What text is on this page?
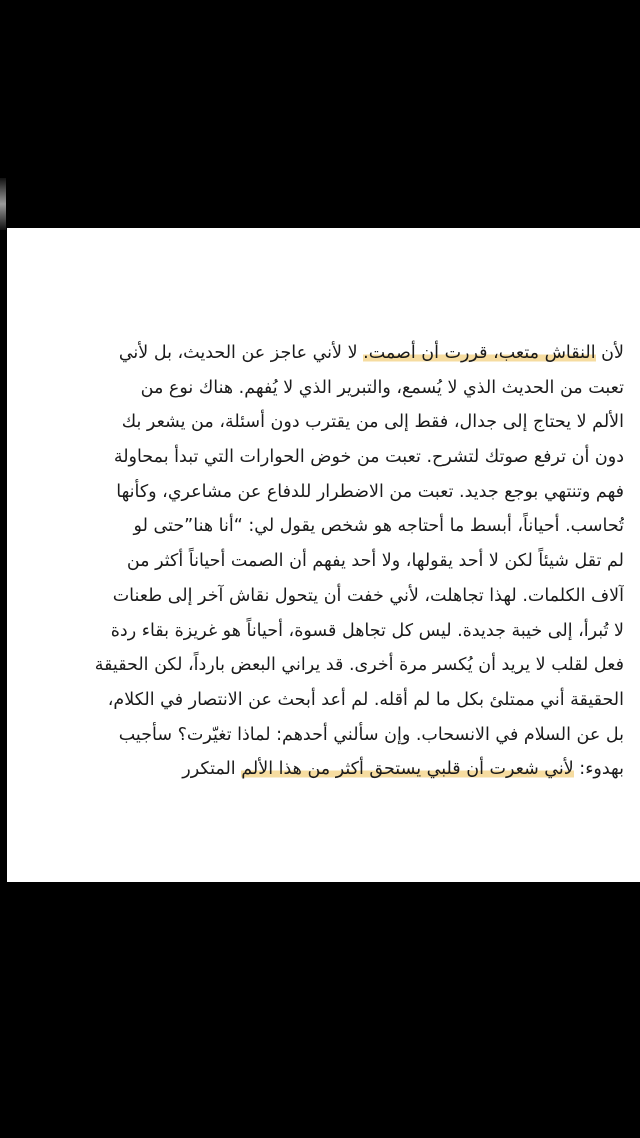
لأن النقاش متعب، قررت أن أصمت. لا لأني عاجز عن الحديث، بل لأني
تعبت من الحديث الذي لا يُسمع، والتبرير الذي لا يُفهم. هناك نوع من
الألم لا يحتاج إلى جدال، فقط إلى من يقترب دون أسئلة، من يشعر بك
دون أن ترفع صوتك لتشرح. تعبت من خوض الحوارات التي تبدأ بمحاولة
فهم وتنتهي بوجع جديد. تعبت من الاضطرار للدفاع عن مشاعري، وكأنها
تُحاسب. أحياناً، أبسط ما أحتاجه هو شخص يقول لي: “أنا هنا”حتى لو
لم تقل شيئاً لكن لا أحد يقولها، ولا أحد يفهم أن الصمت أحياناً أكثر من
آلاف الكلمات. لهذا تجاهلت، لأني خفت أن يتحول نقاش آخر إلى طعنات
لا تُبرأ، إلى خيبة جديدة. ليس كل تجاهل قسوة، أحياناً هو غريزة بقاء ردة
فعل لقلب لا يريد أن يُكسر مرة أخرى. قد يراني البعض بارداً، لكن الحقيقة
الحقيقة أني ممتلئ بكل ما لم أقله. لم أعد أبحث عن الانتصار في الكلام،
بل عن السلام في الانسحاب. وإن سألني أحدهم: لماذا تغيّرت؟ سأجيب
بهدوء: لأني شعرت أن قلبي يستحق أكثر من هذا الألم المتكرر
